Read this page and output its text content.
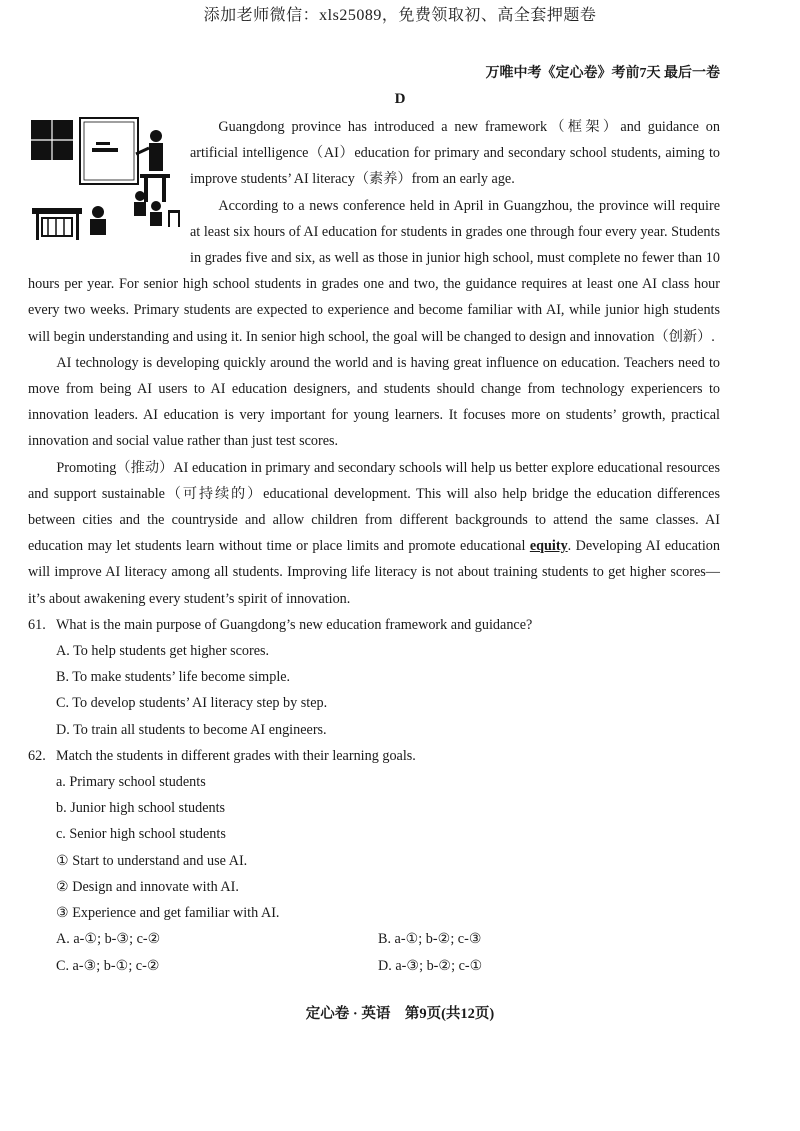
添加老师微信：xls25089，免费领取初、高全套押题卷
万唯中考《定心卷》考前7天 最后一卷
D

Guangdong province has introduced a new framework（框架）and guidance on artificial intelligence（AI）education for primary and secondary school students, aiming to improve students’ AI literacy（素养）from an early age.

According to a news conference held in April in Guangzhou, the province will require at least six hours of AI education for students in grades one through four every year. Students in grades five and six, as well as those in junior high school, must complete no fewer than 10 hours per year. For senior high school students in grades one and two, the guidance requires at least one AI class hour every two weeks. Primary students are expected to experience and become familiar with AI, while junior high students will begin understanding and using it. In senior high school, the goal will be changed to design and innovation（创新）.

AI technology is developing quickly around the world and is having great influence on education. Teachers need to move from being AI users to AI education designers, and students should change from technology experiencers to innovation leaders. AI education is very important for young learners. It focuses more on students’ growth, practical innovation and social value rather than just test scores.

Promoting（推动）AI education in primary and secondary schools will help us better explore educational resources and support sustainable（可持续的）educational development. This will also help bridge the education differences between cities and the countryside and allow children from different backgrounds to attend the same classes. AI education may let students learn without time or place limits and promote educational equity. Developing AI education will improve AI literacy among all students. Improving life literacy is not about training students to get higher scores—it’s about awakening every student’s spirit of innovation.

61. What is the main purpose of Guangdong’s new education framework and guidance?

A. To help students get higher scores.

B. To make students’ life become simple.

C. To develop students’ AI literacy step by step.

D. To train all students to become AI engineers.

62. Match the students in different grades with their learning goals.

a. Primary school students

b. Junior high school students

c. Senior high school students

① Start to understand and use AI.

② Design and innovate with AI.

③ Experience and get familiar with AI.

A. a-①; b-③; c-②	B. a-①; b-②; c-③
C. a-③; b-①; c-②	D. a-③; b-②; c-①
定心卷 · 英语　第9页(共12页)
